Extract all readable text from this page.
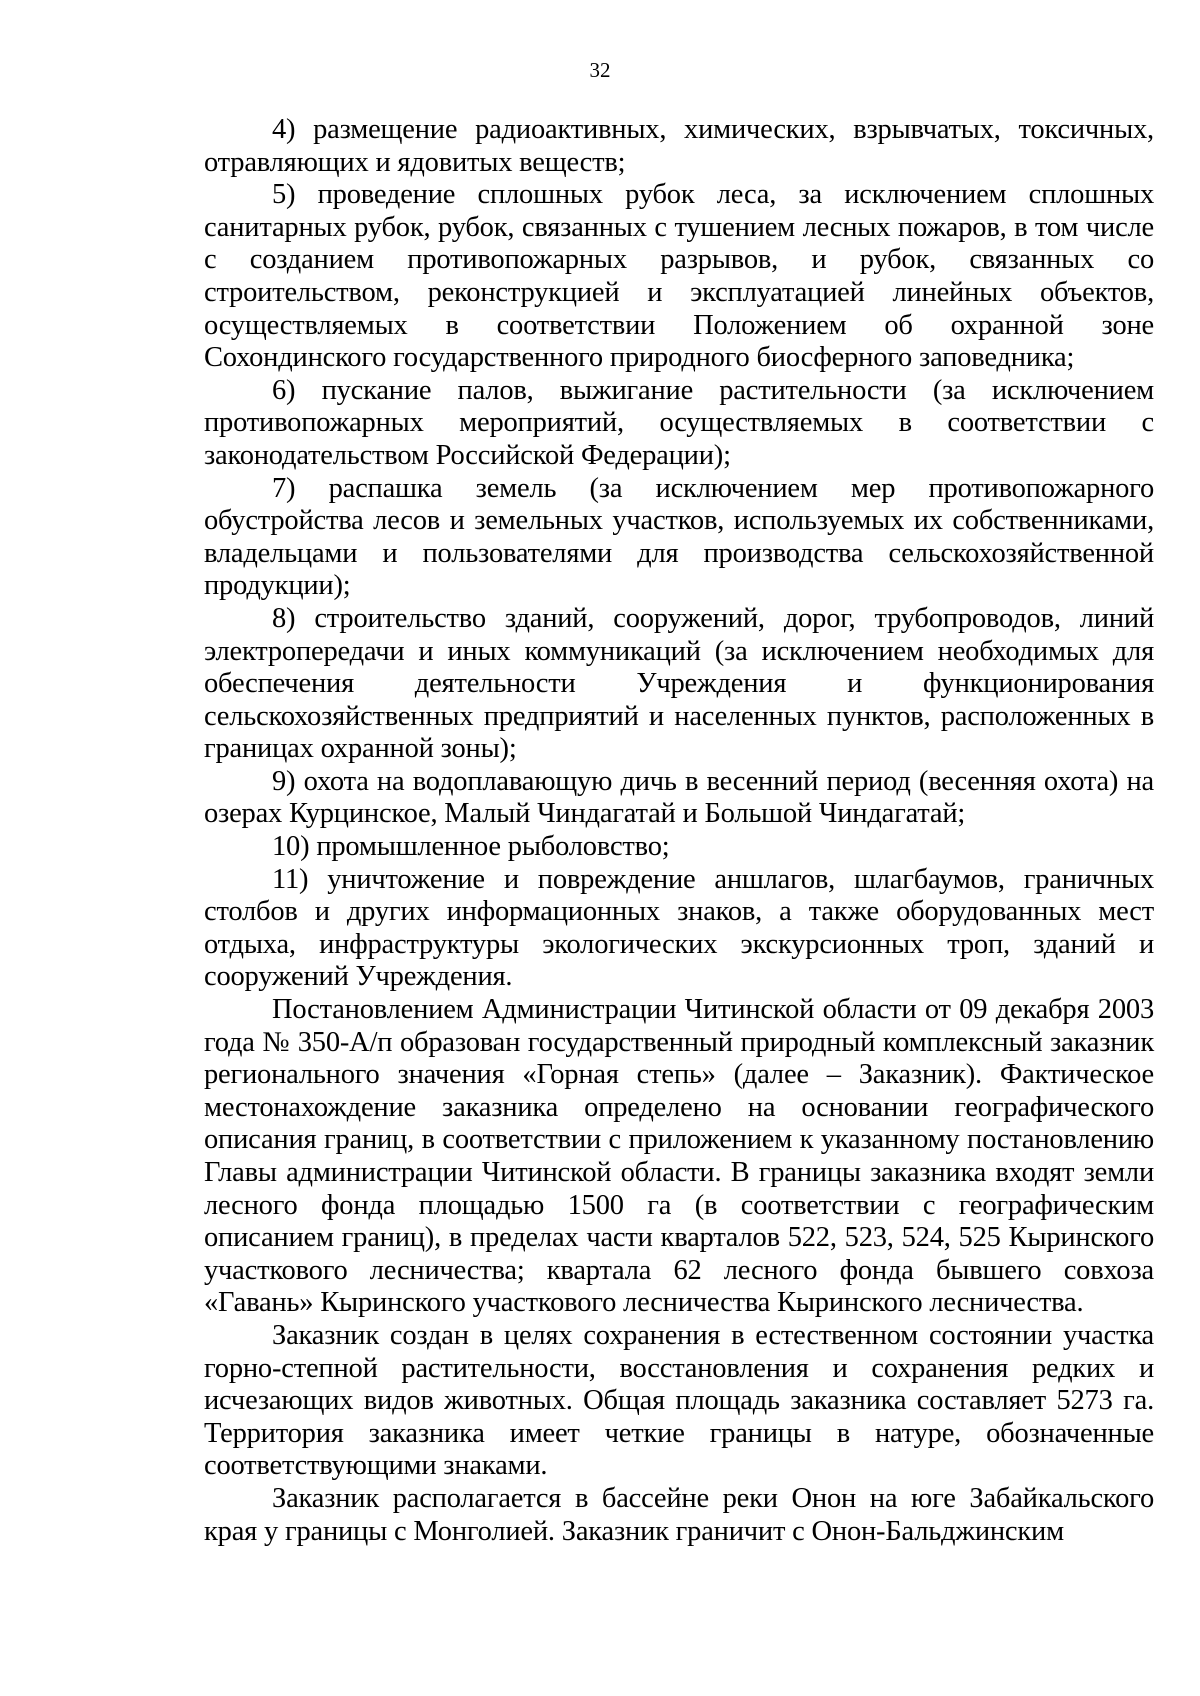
32

4) размещение радиоактивных, химических, взрывчатых, токсичных, отравляющих и ядовитых веществ;

5) проведение сплошных рубок леса, за исключением сплошных санитарных рубок, рубок, связанных с тушением лесных пожаров, в том числе с созданием противопожарных разрывов, и рубок, связанных со строительством, реконструкцией и эксплуатацией линейных объектов, осуществляемых в соответствии Положением об охранной зоне Сохондинского государственного природного биосферного заповедника;

6) пускание палов, выжигание растительности (за исключением противопожарных мероприятий, осуществляемых в соответствии с законодательством Российской Федерации);

7) распашка земель (за исключением мер противопожарного обустройства лесов и земельных участков, используемых их собственниками, владельцами и пользователями для производства сельскохозяйственной продукции);

8) строительство зданий, сооружений, дорог, трубопроводов, линий электропередачи и иных коммуникаций (за исключением необходимых для обеспечения деятельности Учреждения и функционирования сельскохозяйственных предприятий и населенных пунктов, расположенных в границах охранной зоны);

9) охота на водоплавающую дичь в весенний период (весенняя охота) на озерах Курцинское, Малый Чиндагатай и Большой Чиндагатай;

10) промышленное рыболовство;

11) уничтожение и повреждение аншлагов, шлагбаумов, граничных столбов и других информационных знаков, а также оборудованных мест отдыха, инфраструктуры экологических экскурсионных троп, зданий и сооружений Учреждения.

Постановлением Администрации Читинской области от 09 декабря 2003 года № 350-А/п образован государственный природный комплексный заказник регионального значения «Горная степь» (далее – Заказник). Фактическое местонахождение заказника определено на основании географического описания границ, в соответствии с приложением к указанному постановлению Главы администрации Читинской области. В границы заказника входят земли лесного фонда площадью 1500 га (в соответствии с географическим описанием границ), в пределах части кварталов 522, 523, 524, 525 Кыринского участкового лесничества; квартала 62 лесного фонда бывшего совхоза «Гавань» Кыринского участкового лесничества Кыринского лесничества.

Заказник создан в целях сохранения в естественном состоянии участка горно-степной растительности, восстановления и сохранения редких и исчезающих видов животных. Общая площадь заказника составляет 5273 га. Территория заказника имеет четкие границы в натуре, обозначенные соответствующими знаками.

Заказник располагается в бассейне реки Онон на юге Забайкальского края у границы с Монголией. Заказник граничит с Онон-Бальджинским
